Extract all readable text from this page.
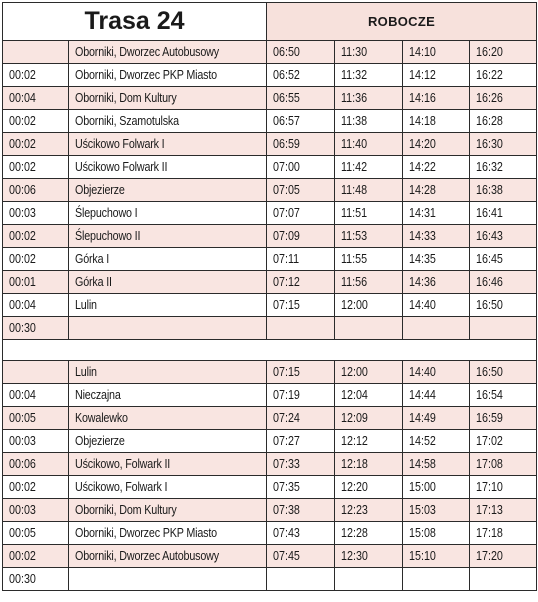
Trasa 24		ROBOCZE			
	Oborniki, Dworzec Autobusowy	06:50	11:30	14:10	16:20
00:02	Oborniki, Dworzec PKP Miasto	06:52	11:32	14:12	16:22
00:04	Oborniki, Dom Kultury	06:55	11:36	14:16	16:26
00:02	Oborniki, Szamotulska	06:57	11:38	14:18	16:28
00:02	Uścikowo Folwark I	06:59	11:40	14:20	16:30
00:02	Uścikowo Folwark II	07:00	11:42	14:22	16:32
00:06	Objezierze	07:05	11:48	14:28	16:38
00:03	Ślepuchowo I	07:07	11:51	14:31	16:41
00:02	Ślepuchowo II	07:09	11:53	14:33	16:43
00:02	Górka I	07:11	11:55	14:35	16:45
00:01	Górka II	07:12	11:56	14:36	16:46
00:04	Lulin	07:15	12:00	14:40	16:50
00:30					

	Lulin	07:15	12:00	14:40	16:50
00:04	Nieczajna	07:19	12:04	14:44	16:54
00:05	Kowalewko	07:24	12:09	14:49	16:59
00:03	Objezierze	07:27	12:12	14:52	17:02
00:06	Uścikowo, Folwark II	07:33	12:18	14:58	17:08
00:02	Uścikowo, Folwark I	07:35	12:20	15:00	17:10
00:03	Oborniki, Dom Kultury	07:38	12:23	15:03	17:13
00:05	Oborniki, Dworzec PKP Miasto	07:43	12:28	15:08	17:18
00:02	Oborniki, Dworzec Autobusowy	07:45	12:30	15:10	17:20
00:30					
